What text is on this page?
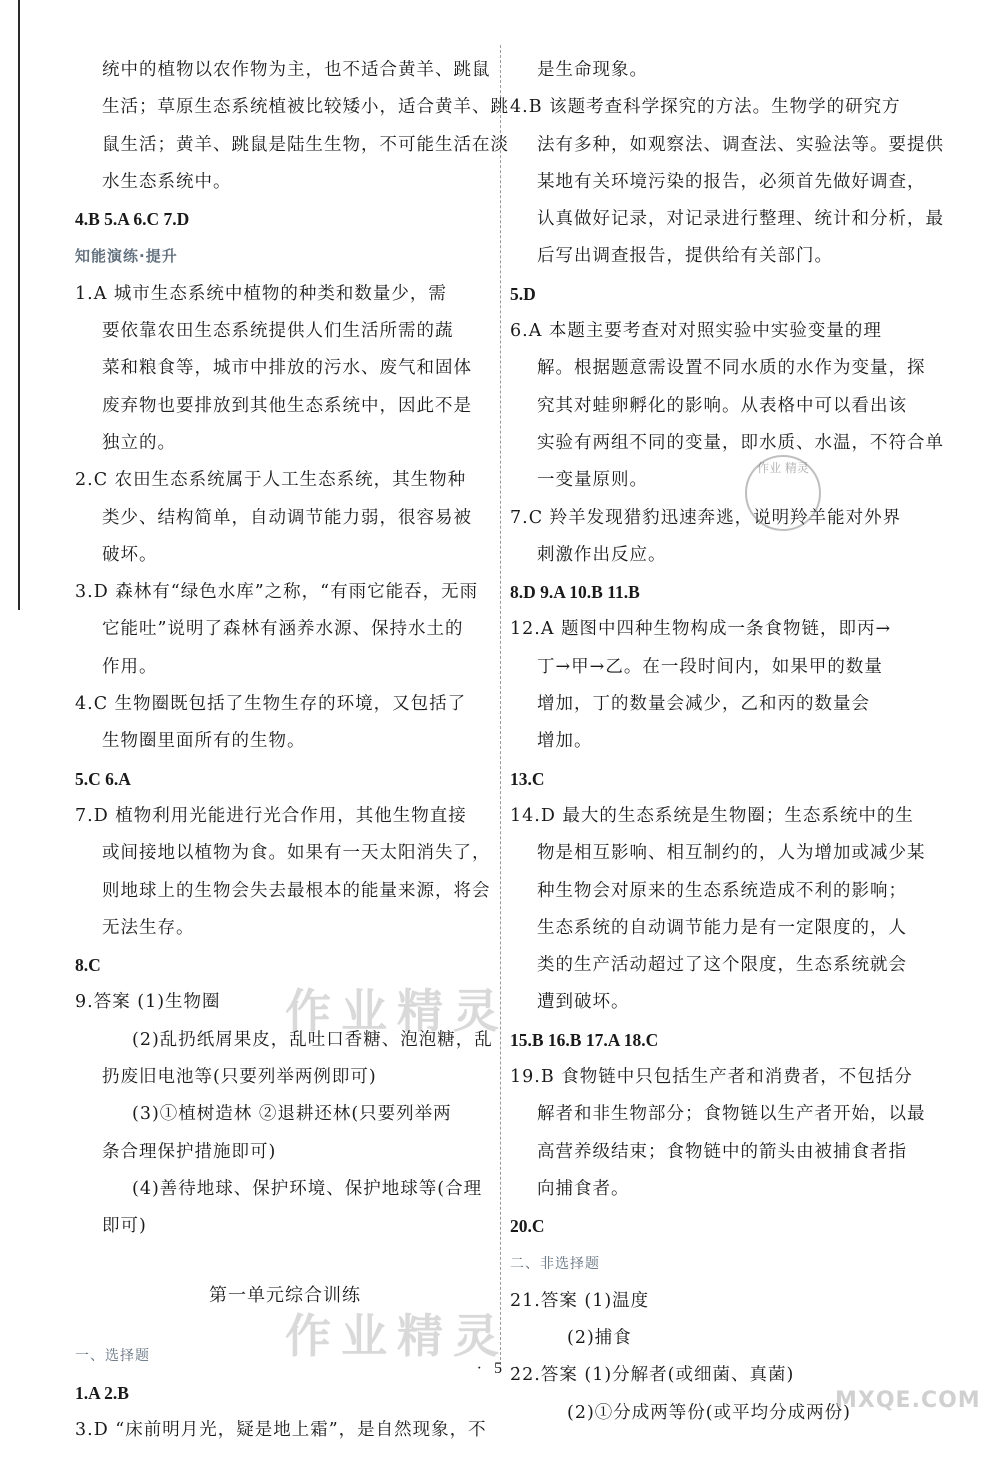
统中的植物以农作物为主，也不适合黄羊、跳鼠
生活；草原生态系统植被比较矮小，适合黄羊、跳
鼠生活；黄羊、跳鼠是陆生生物，不可能生活在淡
水生态系统中。
4.B 5.A 6.C 7.D
知能演练·提升
1.A 城市生态系统中植物的种类和数量少，需
要依靠农田生态系统提供人们生活所需的蔬
菜和粮食等，城市中排放的污水、废气和固体
废弃物也要排放到其他生态系统中，因此不是
独立的。
2.C 农田生态系统属于人工生态系统，其生物种
类少、结构简单，自动调节能力弱，很容易被
破坏。
3.D 森林有“绿色水库”之称，“有雨它能吞，无雨
它能吐”说明了森林有涵养水源、保持水土的
作用。
4.C 生物圈既包括了生物生存的环境，又包括了
生物圈里面所有的生物。
5.C 6.A
7.D 植物利用光能进行光合作用，其他生物直接
或间接地以植物为食。如果有一天太阳消失了，
则地球上的生物会失去最根本的能量来源，将会
无法生存。
8.C
9.答案 (1)生物圈
(2)乱扔纸屑果皮，乱吐口香糖、泡泡糖，乱
扔废旧电池等(只要列举两例即可)
(3)①植树造林 ②退耕还林(只要列举两
条合理保护措施即可)
(4)善待地球、保护环境、保护地球等(合理
即可)
第一单元综合训练
一、选择题
1.A 2.B
3.D “床前明月光，疑是地上霜”，是自然现象，不
是生命现象。
4.B 该题考查科学探究的方法。生物学的研究方
法有多种，如观察法、调查法、实验法等。要提供
某地有关环境污染的报告，必须首先做好调查，
认真做好记录，对记录进行整理、统计和分析，最
后写出调查报告，提供给有关部门。
5.D
6.A 本题主要考查对对照实验中实验变量的理
解。根据题意需设置不同水质的水作为变量，探
究其对蛙卵孵化的影响。从表格中可以看出该
实验有两组不同的变量，即水质、水温，不符合单
一变量原则。
7.C 羚羊发现猎豹迅速奔逃，说明羚羊能对外界
刺激作出反应。
8.D 9.A 10.B 11.B
12.A 题图中四种生物构成一条食物链，即丙→
丁→甲→乙。在一段时间内，如果甲的数量
增加，丁的数量会减少，乙和丙的数量会
增加。
13.C
14.D 最大的生态系统是生物圈；生态系统中的生
物是相互影响、相互制约的，人为增加或减少某
种生物会对原来的生态系统造成不利的影响；
生态系统的自动调节能力是有一定限度的，人
类的生产活动超过了这个限度，生态系统就会
遭到破坏。
15.B 16.B 17.A 18.C
19.B 食物链中只包括生产者和消费者，不包括分
解者和非生物部分；食物链以生产者开始，以最
高营养级结束；食物链中的箭头由被捕食者指
向捕食者。
20.C
二、非选择题
21.答案 (1)温度
(2)捕食
22.答案 (1)分解者(或细菌、真菌)
(2)①分成两等份(或平均分成两份)
作业精灵
作业精灵
作业 精灵
· 5 ·
MXQE.COM
